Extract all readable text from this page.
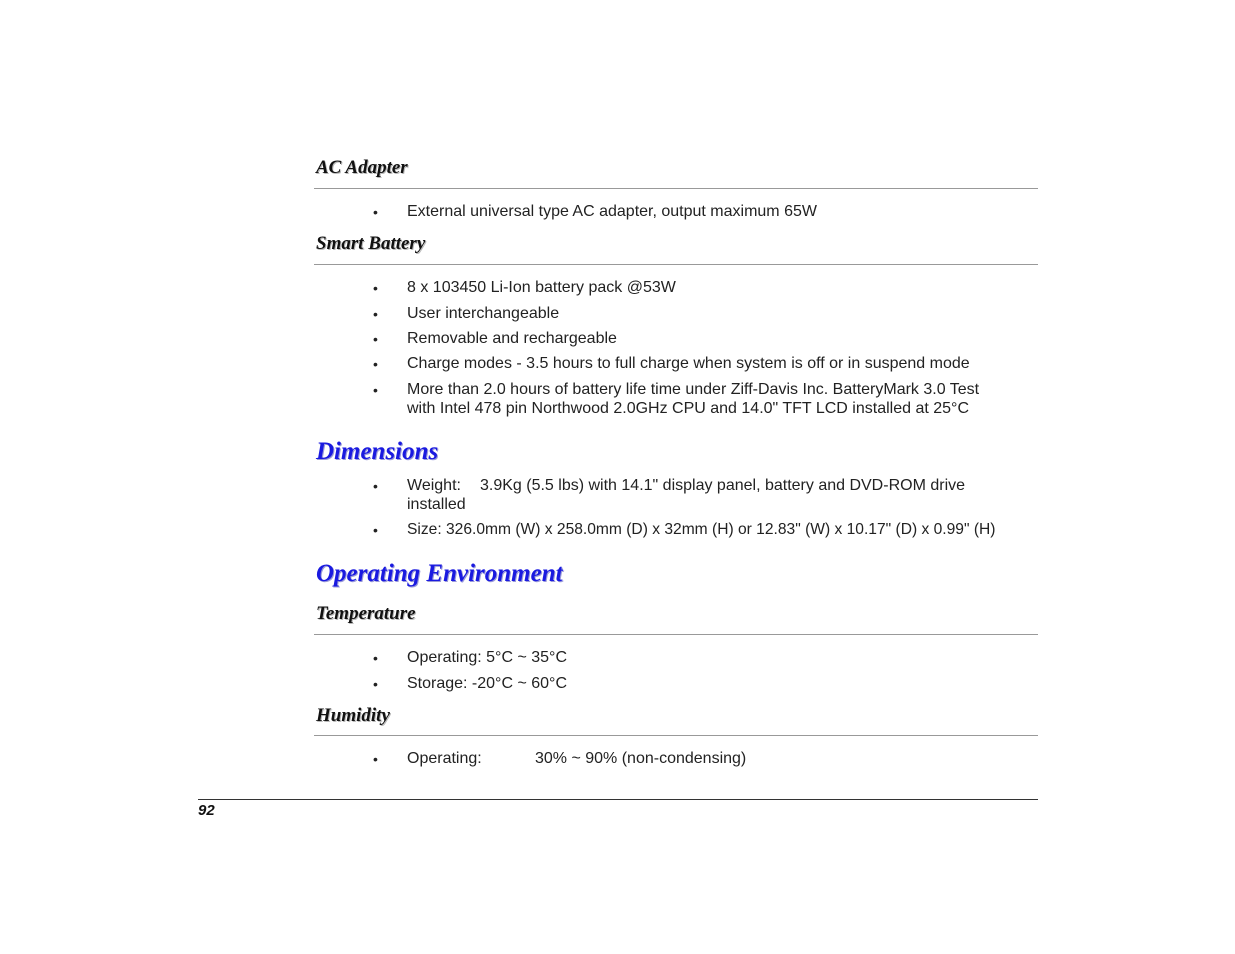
AC Adapter
•	External universal type AC adapter, output maximum 65W
Smart Battery
•	8 x 103450 Li-Ion battery pack @53W
•	User interchangeable
•	Removable and rechargeable
•	Charge modes - 3.5 hours to full charge when system is off or in suspend mode
•	More than 2.0 hours of battery life time under Ziff-Davis Inc. BatteryMark 3.0 Test
with Intel 478 pin Northwood 2.0GHz CPU and 14.0" TFT LCD installed at 25°C
Dimensions
•	Weight: 3.9Kg (5.5 lbs) with 14.1" display panel, battery and DVD-ROM drive
installed
•	Size: 326.0mm (W) x 258.0mm (D) x 32mm (H) or 12.83" (W) x 10.17" (D) x 0.99" (H)
Operating Environment
Temperature
•	Operating: 5°C ~ 35°C
•	Storage: -20°C ~ 60°C
Humidity
•	Operating:	30% ~ 90% (non-condensing)
92
